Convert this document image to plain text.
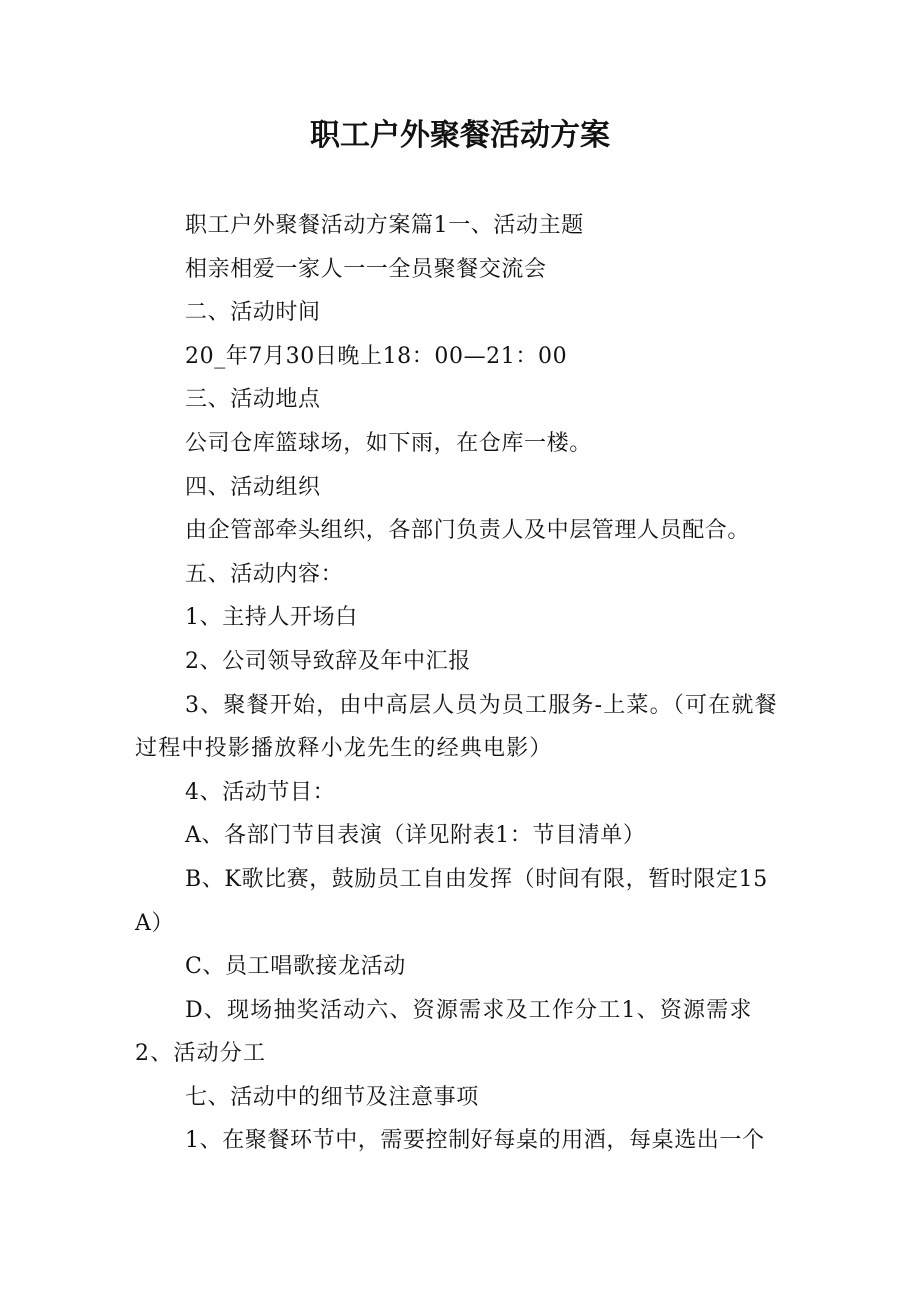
职工户外聚餐活动方案

职工户外聚餐活动方案篇1一、活动主题

相亲相爱一家人一一全员聚餐交流会

二、活动时间

20_年7月30日晚上18：00—21：00

三、活动地点

公司仓库篮球场，如下雨，在仓库一楼。

四、活动组织

由企管部牵头组织，各部门负责人及中层管理人员配合。

五、活动内容：

1、主持人开场白

2、公司领导致辞及年中汇报

3、聚餐开始，由中高层人员为员工服务-上菜。（可在就餐过程中投影播放释小龙先生的经典电影）

4、活动节目：

A、各部门节目表演（详见附表1：节目清单）

B、K歌比赛，鼓励员工自由发挥（时间有限，暂时限定15A）

C、员工唱歌接龙活动

D、现场抽奖活动六、资源需求及工作分工1、资源需求2、活动分工

七、活动中的细节及注意事项

1、在聚餐环节中，需要控制好每桌的用酒，每桌选出一个
